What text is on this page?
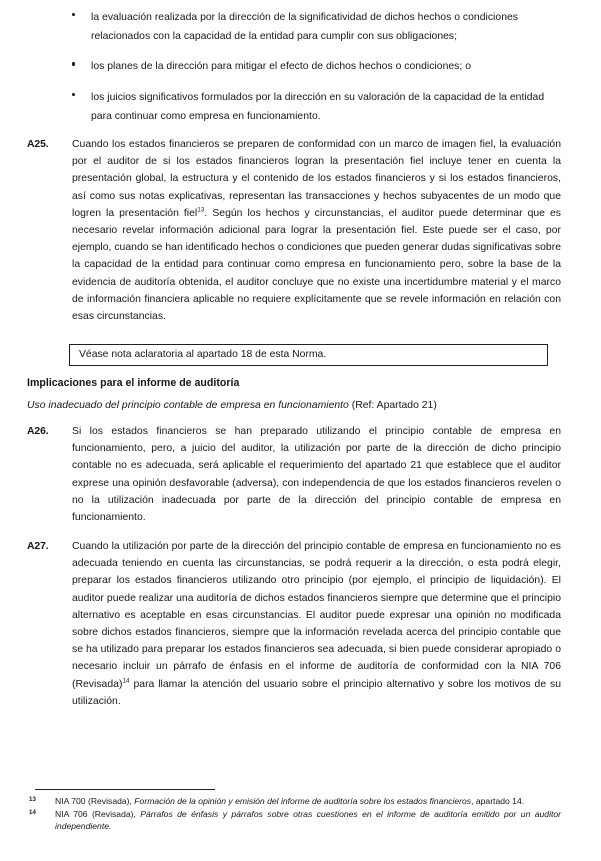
la evaluación realizada por la dirección de la significatividad de dichos hechos o condiciones relacionados con la capacidad de la entidad para cumplir con sus obligaciones;
los planes de la dirección para mitigar el efecto de dichos hechos o condiciones; o
los juicios significativos formulados por la dirección en su valoración de la capacidad de la entidad para continuar como empresa en funcionamiento.
A25.	Cuando los estados financieros se preparen de conformidad con un marco de imagen fiel, la evaluación por el auditor de si los estados financieros logran la presentación fiel incluye tener en cuenta la presentación global, la estructura y el contenido de los estados financieros y si los estados financieros, así como sus notas explicativas, representan las transacciones y hechos subyacentes de un modo que logren la presentación fiel$^{13}$. Según los hechos y circunstancias, el auditor puede determinar que es necesario revelar información adicional para lograr la presentación fiel. Este puede ser el caso, por ejemplo, cuando se han identificado hechos o condiciones que pueden generar dudas significativas sobre la capacidad de la entidad para continuar como empresa en funcionamiento pero, sobre la base de la evidencia de auditoría obtenida, el auditor concluye que no existe una incertidumbre material y el marco de información financiera aplicable no requiere explícitamente que se revele información en relación con esas circunstancias.
Véase nota aclaratoria al apartado 18 de esta Norma.
Implicaciones para el informe de auditoría
Uso inadecuado del principio contable de empresa en funcionamiento (Ref: Apartado 21)
A26.	Si los estados financieros se han preparado utilizando el principio contable de empresa en funcionamiento, pero, a juicio del auditor, la utilización por parte de la dirección de dicho principio contable no es adecuada, será aplicable el requerimiento del apartado 21 que establece que el auditor exprese una opinión desfavorable (adversa), con independencia de que los estados financieros revelen o no la utilización inadecuada por parte de la dirección del principio contable de empresa en funcionamiento.
A27.	Cuando la utilización por parte de la dirección del principio contable de empresa en funcionamiento no es adecuada teniendo en cuenta las circunstancias, se podrá requerir a la dirección, o esta podrá elegir, preparar los estados financieros utilizando otro principio (por ejemplo, el principio de liquidación). El auditor puede realizar una auditoría de dichos estados financieros siempre que determine que el principio alternativo es aceptable en esas circunstancias. El auditor puede expresar una opinión no modificada sobre dichos estados financieros, siempre que la información revelada acerca del principio contable que se ha utilizado para preparar los estados financieros sea adecuada, si bien puede considerar apropiado o necesario incluir un párrafo de énfasis en el informe de auditoría de conformidad con la NIA 706 (Revisada)$^{14}$ para llamar la atención del usuario sobre el principio alternativo y sobre los motivos de su utilización.
13 NIA 700 (Revisada), Formación de la opinión y emisión del informe de auditoría sobre los estados financieros, apartado 14.
14 NIA 706 (Revisada), Párrafos de énfasis y párrafos sobre otras cuestiones en el informe de auditoría emitido por un auditor independiente.
